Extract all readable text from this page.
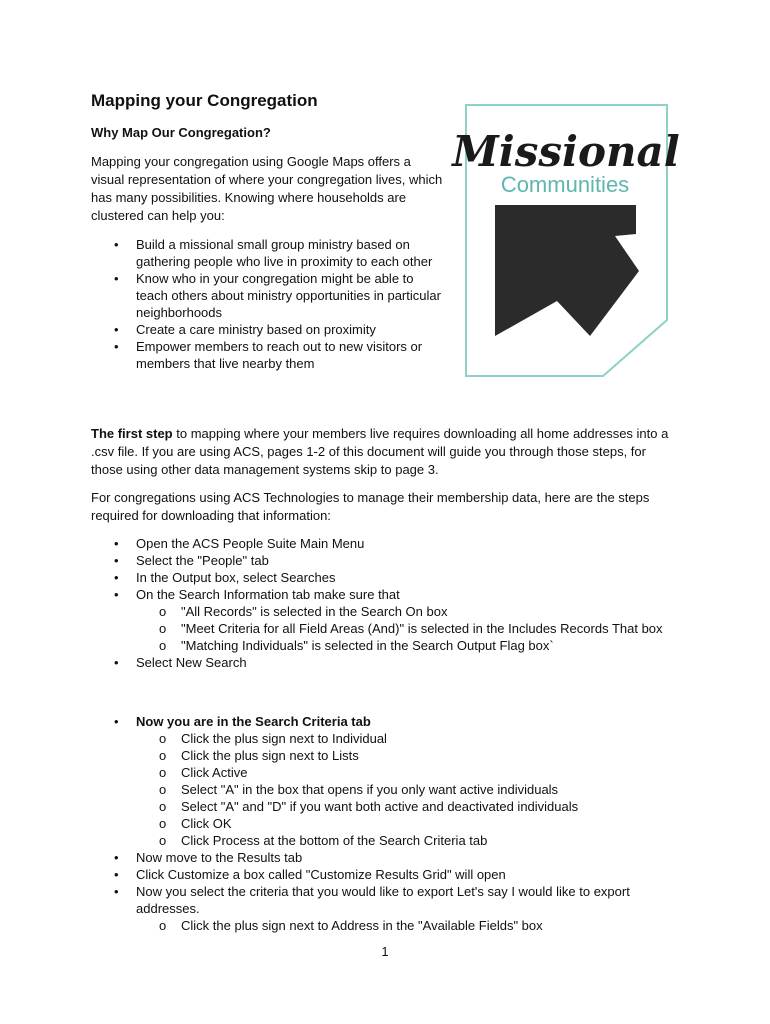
Mapping your Congregation

Why Map Our Congregation?

Mapping your congregation using Google Maps offers a visual representation of where your congregation lives, which has many possibilities. Knowing where households are clustered can help you:

• Build a missional small group ministry based on gathering people who live in proximity to each other
• Know who in your congregation might be able to teach others about ministry opportunities in particular neighborhoods
• Create a care ministry based on proximity
• Empower members to reach out to new visitors or members that live nearby them
Missional
Communities

The first step to mapping where your members live requires downloading all home addresses into a .csv file. If you are using ACS, pages 1-2 of this document will guide you through those steps, for those using other data management systems skip to page 3.

For congregations using ACS Technologies to manage their membership data, here are the steps required for downloading that information:

• Open the ACS People Suite Main Menu
• Select the "People" tab
• In the Output box, select Searches
• On the Search Information tab make sure that
o "All Records" is selected in the Search On box
o "Meet Criteria for all Field Areas (And)" is selected in the Includes Records That box
o "Matching Individuals" is selected in the Search Output Flag box`
• Select New Search
• Now you are in the Search Criteria tab
o Click the plus sign next to Individual
o Click the plus sign next to Lists
o Click Active
o Select "A" in the box that opens if you only want active individuals
o Select "A" and "D" if you want both active and deactivated individuals
o Click OK
o Click Process at the bottom of the Search Criteria tab
• Now move to the Results tab
• Click Customize a box called "Customize Results Grid" will open
• Now you select the criteria that you would like to export Let's say I would like to export addresses.
o Click the plus sign next to Address in the "Available Fields" box
1
